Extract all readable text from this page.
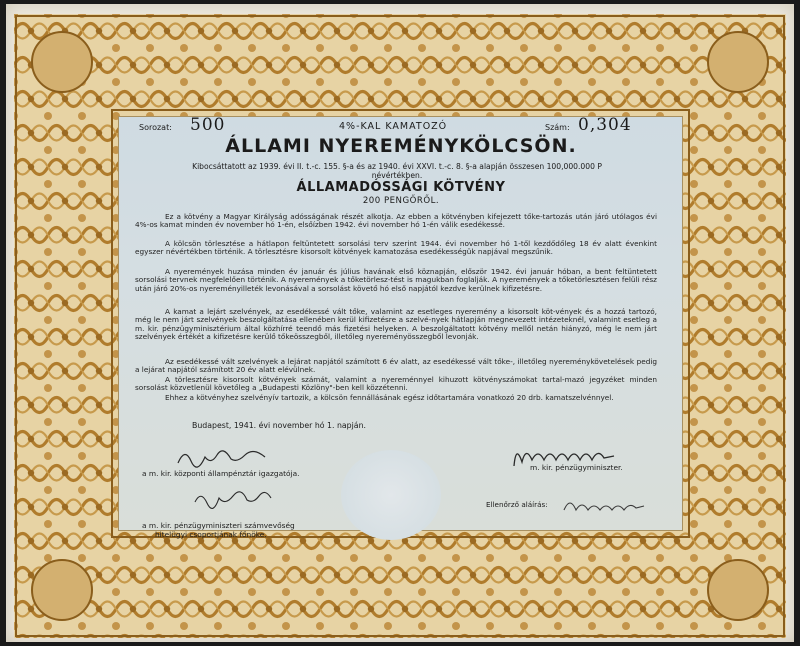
Sorozat: 500	4%-KAL KAMATOZÓ	Szám: 0,304
ÁLLAMI NYEREMÉNYKÖLCSÖN.
Kibocsáttatott az 1939. évi II. t.-c. 155. §-a és az 1940. évi XXVI. t.-c. 8. §-a alapján összesen 100,000.000 P
névértékben.
ÁLLAMADÓSSÁGI KÖTVÉNY
200 PENGŐRŐL.
Ez a kötvény a Magyar Királyság adósságának részét alkotja. Az ebben a kötvényben kifejezett tőke-tartozás után járó utólagos évi 4%-os kamat minden év november hó 1-én, elsőízben 1942. évi november hó 1-én válik esedékessé.
A kölcsön törlesztése a hátlapon feltüntetett sorsolási terv szerint 1944. évi november hó 1-től kezdődőleg 18 év alatt évenkint egyszer névértékben történik. A törlesztésre kisorsolt kötvények kamatozása esedékességük napjával megszűnik.
A nyeremények huzása minden év január és július havának első köznapján, először 1942. évi január hóban, a bent feltüntetett sorsolási tervnek megfelelően történik. A nyeremények a tőketörlesz-tést is magukban foglalják. A nyeremények a tőketörlesztésen felüli rész után járó 20%-os nyereményilleték levonásával a sorsolást követő hó első napjától kezdve kerülnek kifizetésre.
A kamat a lejárt szelvények, az esedékessé vált tőke, valamint az esetleges nyeremény a kisorsolt köt-vények és a hozzá tartozó, még le nem járt szelvények beszolgáltatása ellenében kerül kifizetésre a szelvé-nyek hátlapján megnevezett intézeteknél, valamint esetleg a m. kir. pénzügyminisztérium által közhírré teendő más fizetési helyeken. A beszolgáltatott kötvény mellől netán hiányzó, még le nem járt szelvények értékét a kifizetésre kerülő tőkeösszegből, illetőleg nyereményösszegből levonják.
Az esedékessé vált szelvények a lejárat napjától számított 6 év alatt, az esedékessé vált tőke-, illetőleg nyereménykövetelések pedig a lejárat napjától számított 20 év alatt elévülnek.
A törlesztésre kisorsolt kötvények számát, valamint a nyereménnyel kihuzott kötvényszámokat tartal-mazó jegyzéket minden sorsolást közvetlenül követőleg a „Budapesti Közlöny"-ben kell közzétenni.
Ehhez a kötvényhez szelvényív tartozik, a kölcsön fennállásának egész időtartamára vonatkozó 20 drb. kamatszelvénnyel.
Budapest, 1941. évi november hó 1. napján.
a m. kir. központi állampénztár igazgatója.
a m. kir. pénzügyminiszteri számvevőség
hitelügyi csoportjának főnöke.
m. kir. pénzügyminiszter.
Ellenőrző aláírás:
